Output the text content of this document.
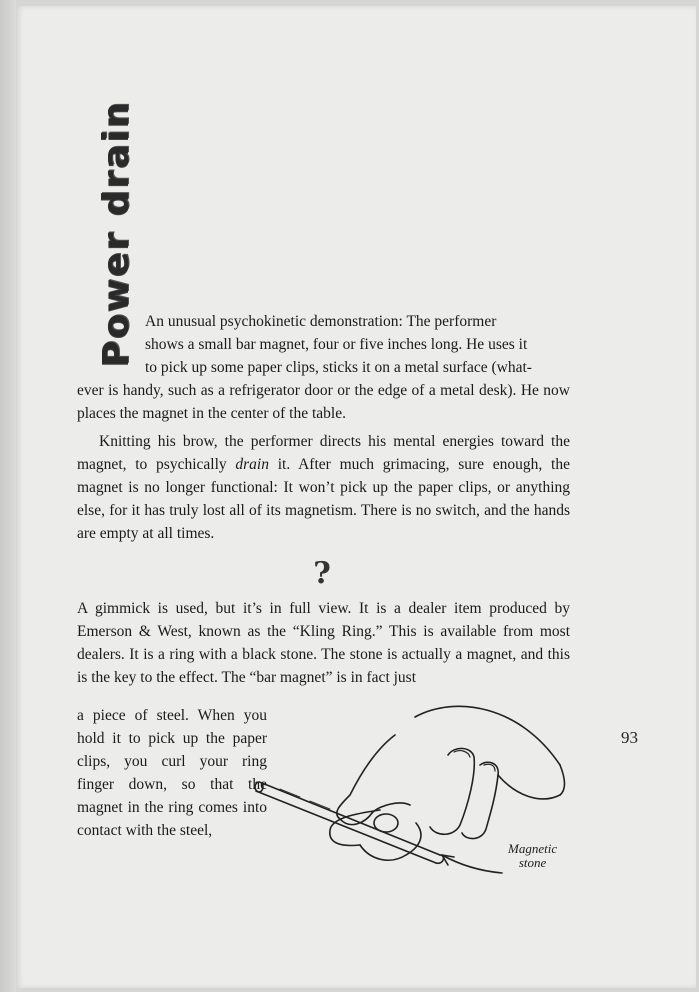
Power drain An unusual psychokinetic demonstration: The performer
shows a small bar magnet, four or five inches long. He uses it
to pick up some paper clips, sticks it on a metal surface (what-
ever is handy, such as a refrigerator door or the edge of a metal desk). He now places the magnet in the center of the table.
Knitting his brow, the performer directs his mental energies toward the magnet, to psychically drain it. After much grimacing, sure enough, the magnet is no longer functional: It won’t pick up the paper clips, or anything else, for it has truly lost all of its magnetism. There is no switch, and the hands are empty at all times.
?
A gimmick is used, but it’s in full view. It is a dealer item produced by Emerson & West, known as the “Kling Ring.” This is available from most dealers. It is a ring with a black stone. The stone is actually a magnet, and this is the key to the effect. The “bar magnet” is in fact just
a piece of steel. When you hold it to pick up the paper clips, you curl your ring finger down, so that the magnet in the ring comes into contact with the steel,
93
Magnetic
stone
